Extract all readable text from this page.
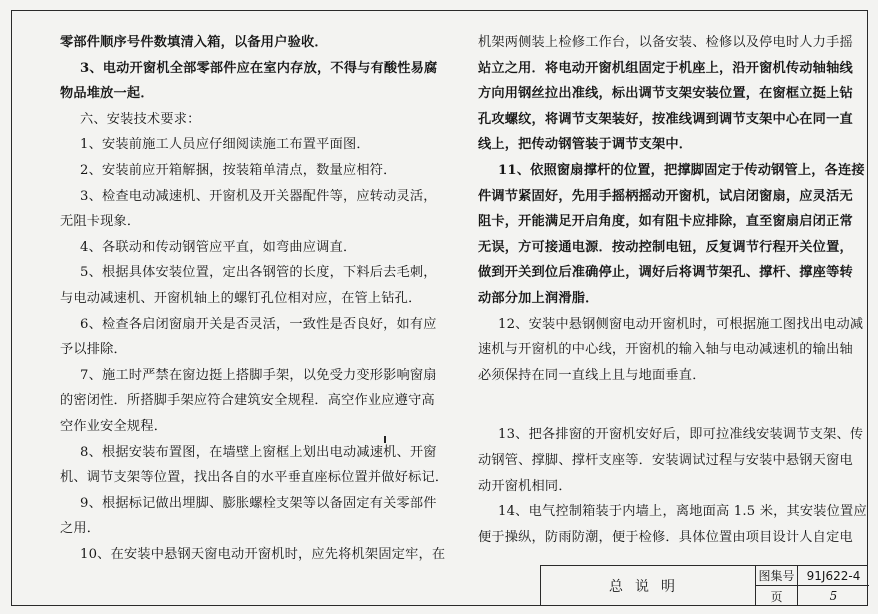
零部件顺序号件数填清入箱，以备用户验收．
3、电动开窗机全部零部件应在室内存放，不得与有酸性易腐
物品堆放一起．
六、安装技术要求：
1、安装前施工人员应仔细阅读施工布置平面图．
2、安装前应开箱解捆，按装箱单清点，数量应相符．
3、检查电动减速机、开窗机及开关器配件等，应转动灵活，
无阻卡现象．
4、各联动和传动钢管应平直，如弯曲应调直．
5、根据具体安装位置，定出各钢管的长度，下料后去毛刺，
与电动减速机、开窗机轴上的螺钉孔位相对应，在管上钻孔．
6、检查各启闭窗扇开关是否灵活，一致性是否良好，如有应
予以排除．
7、施工时严禁在窗边挺上搭脚手架，以免受力变形影响窗扇
的密闭性．所搭脚手架应符合建筑安全规程．高空作业应遵守高
空作业安全规程．
8、根据安装布置图，在墙壁上窗框上划出电动减速机、开窗
机、调节支架等位置，找出各自的水平垂直座标位置并做好标记．
9、根据标记做出埋脚、膨胀螺栓支架等以备固定有关零部件
之用．
10、在安装中悬钢天窗电动开窗机时，应先将机架固定牢，在
机架两侧装上检修工作台，以备安装、检修以及停电时人力手摇
站立之用．将电动开窗机组固定于机座上，沿开窗机传动轴轴线
方向用钢丝拉出准线，标出调节支架安装位置，在窗框立挺上钻
孔攻螺纹，将调节支架装好，按准线调到调节支架中心在同一直
线上，把传动钢管装于调节支架中．
11、依照窗扇撑杆的位置，把撑脚固定于传动钢管上，各连接
件调节紧固好，先用手摇柄摇动开窗机，试启闭窗扇，应灵活无
阻卡，开能满足开启角度，如有阻卡应排除，直至窗扇启闭正常
无误，方可接通电源．按动控制电钮，反复调节行程开关位置，
做到开关到位后准确停止，调好后将调节架孔、撑杆、撑座等转
动部分加上润滑脂．
12、安装中悬钢侧窗电动开窗机时，可根据施工图找出电动减
速机与开窗机的中心线，开窗机的输入轴与电动减速机的输出轴
必须保持在同一直线上且与地面垂直．
13、把各排窗的开窗机安好后，即可拉准线安装调节支架、传
动钢管、撑脚、撑杆支座等．安装调试过程与安装中悬钢天窗电
动开窗机相同．
14、电气控制箱装于内墙上，离地面高 1.5 米，其安装位置应
便于操纵，防雨防潮，便于检修．具体位置由项目设计人自定电
总说明
图集号	91J622-4
页	5
